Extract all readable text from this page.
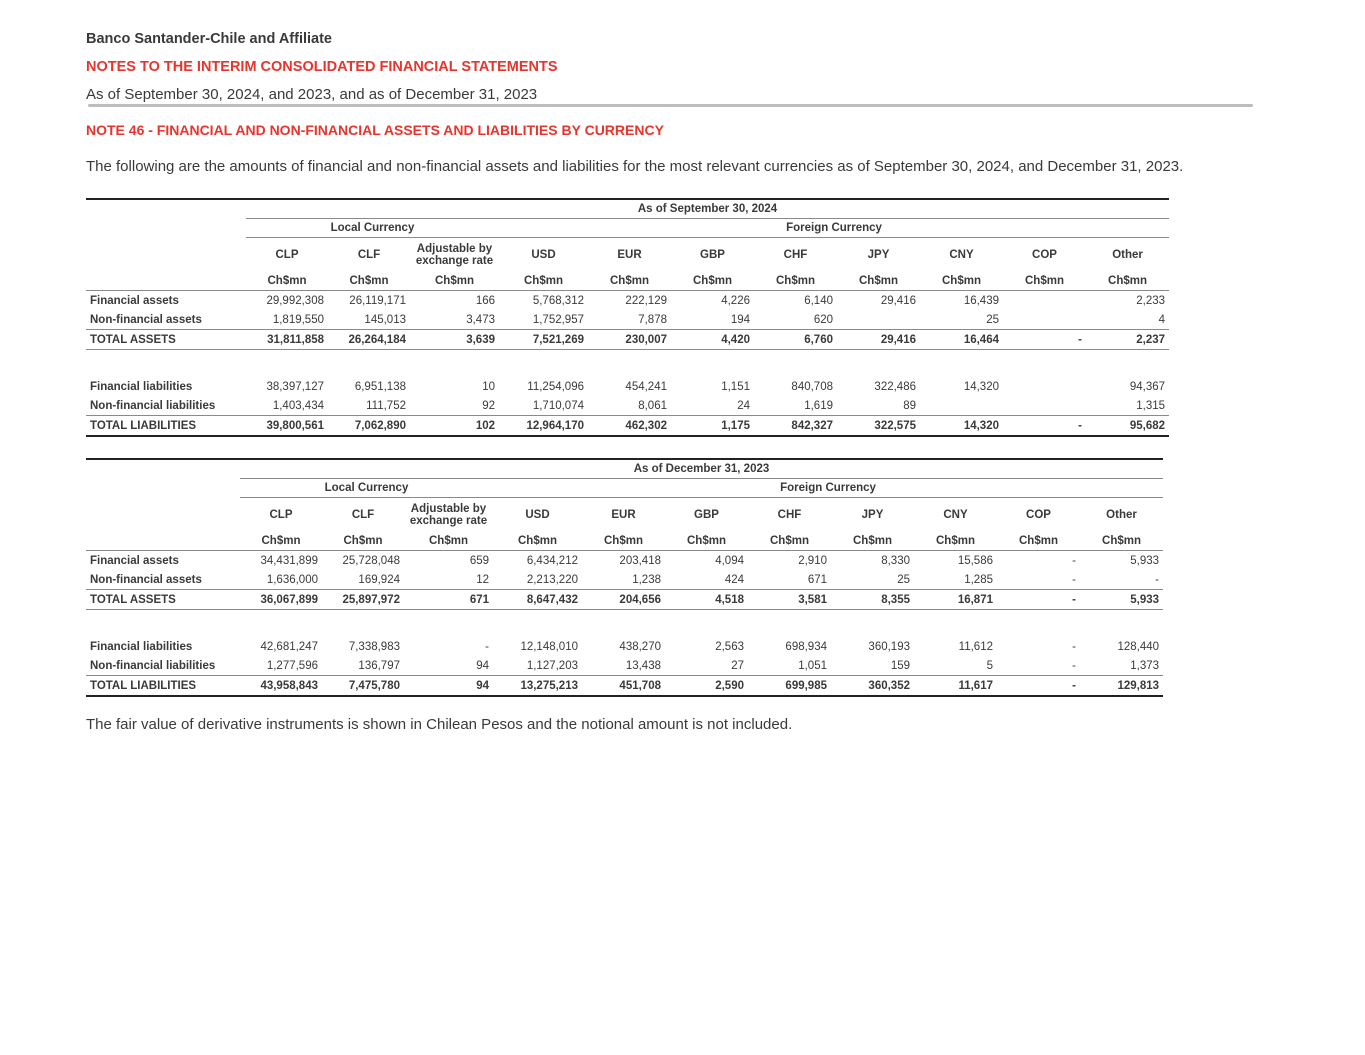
Banco Santander-Chile and Affiliate
NOTES TO THE INTERIM CONSOLIDATED FINANCIAL STATEMENTS
As of September 30, 2024, and 2023, and as of December 31, 2023
NOTE 46 - FINANCIAL AND NON-FINANCIAL ASSETS AND LIABILITIES BY CURRENCY
The following are the amounts of financial and non-financial assets and liabilities for the most relevant currencies as of September 30, 2024, and December 31, 2023.
	As of September 30, 2024										
	Local Currency			Foreign Currency							
	CLP	CLF	Adjustable by exchange rate	USD	EUR	GBP	CHF	JPY	CNY	COP	Other
	Ch$mn	Ch$mn	Ch$mn	Ch$mn	Ch$mn	Ch$mn	Ch$mn	Ch$mn	Ch$mn	Ch$mn	Ch$mn
Financial assets	29,992,308	26,119,171	166	5,768,312	222,129	4,226	6,140	29,416	16,439		2,233
Non-financial assets	1,819,550	145,013	3,473	1,752,957	7,878	194	620		25		4
TOTAL ASSETS	31,811,858	26,264,184	3,639	7,521,269	230,007	4,420	6,760	29,416	16,464	-	2,237

Financial liabilities	38,397,127	6,951,138	10	11,254,096	454,241	1,151	840,708	322,486	14,320		94,367
Non-financial liabilities	1,403,434	111,752	92	1,710,074	8,061	24	1,619	89			1,315
TOTAL LIABILITIES	39,800,561	7,062,890	102	12,964,170	462,302	1,175	842,327	322,575	14,320	-	95,682
	As of December 31, 2023										
	Local Currency			Foreign Currency							
	CLP	CLF	Adjustable by exchange rate	USD	EUR	GBP	CHF	JPY	CNY	COP	Other
	Ch$mn	Ch$mn	Ch$mn	Ch$mn	Ch$mn	Ch$mn	Ch$mn	Ch$mn	Ch$mn	Ch$mn	Ch$mn
Financial assets	34,431,899	25,728,048	659	6,434,212	203,418	4,094	2,910	8,330	15,586	-	5,933
Non-financial assets	1,636,000	169,924	12	2,213,220	1,238	424	671	25	1,285	-	-
TOTAL ASSETS	36,067,899	25,897,972	671	8,647,432	204,656	4,518	3,581	8,355	16,871	-	5,933

Financial liabilities	42,681,247	7,338,983	-	12,148,010	438,270	2,563	698,934	360,193	11,612	-	128,440
Non-financial liabilities	1,277,596	136,797	94	1,127,203	13,438	27	1,051	159	5	-	1,373
TOTAL LIABILITIES	43,958,843	7,475,780	94	13,275,213	451,708	2,590	699,985	360,352	11,617	-	129,813
The fair value of derivative instruments is shown in Chilean Pesos and the notional amount is not included.
